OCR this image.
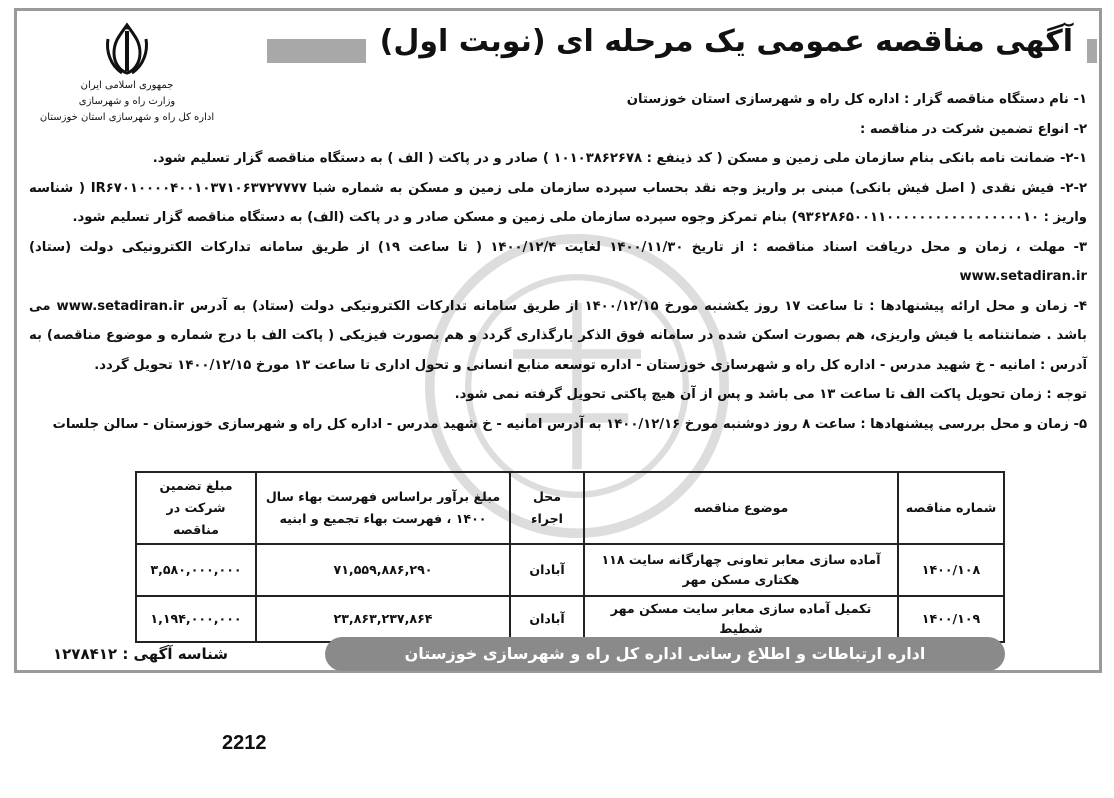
جمهوری اسلامی ایران
وزارت راه و شهرسازی
اداره کل راه و شهرسازی استان خوزستان
آگهی مناقصه عمومی یک مرحله ای (نوبت اول)

۱- نام دستگاه مناقصه گزار : اداره کل راه و شهرسازی استان خوزستان

۲- انواع تضمین شرکت در مناقصه :

۲-۱- ضمانت نامه بانکی بنام سازمان ملی زمین و مسکن ( کد ذینفع : ۱۰۱۰۳۸۶۲۶۷۸ ) صادر و در پاکت ( الف ) به دستگاه مناقصه گزار تسلیم شود.

۲-۲- فیش نقدی ( اصل فیش بانکی) مبنی بر واریز وجه نقد بحساب سپرده سازمان ملی زمین و مسکن به شماره شبا IR۶۷۰۱۰۰۰۰۴۰۰۱۰۳۷۱۰۶۳۷۲۷۷۷۷ ( شناسه واریز : ۹۳۶۲۸۶۵۰۰۱۱۰۰۰۰۰۰۰۰۰۰۰۰۰۰۰۰۰۱۰) بنام تمرکز وجوه سپرده سازمان ملی زمین و مسکن صادر و در پاکت (الف) به دستگاه مناقصه گزار تسلیم شود.

۳- مهلت ، زمان و محل دریافت اسناد مناقصه : از تاریخ ۱۴۰۰/۱۱/۳۰ لغایت ۱۴۰۰/۱۲/۴ ( تا ساعت ۱۹) از طریق سامانه تدارکات الکترونیکی دولت (ستاد) www.setadiran.ir

۴- زمان و محل ارائه پیشنهادها : تا ساعت ۱۷ روز یکشنبه مورخ ۱۴۰۰/۱۲/۱۵ از طریق سامانه تدارکات الکترونیکی دولت (ستاد) به آدرس www.setadiran.ir می باشد . ضمانتنامه یا فیش واریزی، هم بصورت اسکن شده در سامانه فوق الذکر بارگذاری گردد و هم بصورت فیزیکی ( پاکت الف با درج شماره و موضوع مناقصه) به آدرس : امانیه - خ شهید مدرس - اداره کل راه و شهرسازی خوزستان - اداره توسعه منابع انسانی و تحول اداری تا ساعت ۱۳ مورخ ۱۴۰۰/۱۲/۱۵ تحویل گردد.

توجه : زمان تحویل پاکت الف تا ساعت ۱۳ می باشد و پس از آن هیچ پاکتی تحویل گرفته نمی شود.

۵- زمان و محل بررسی پیشنهادها : ساعت ۸ روز دوشنبه مورخ ۱۴۰۰/۱۲/۱۶ به آدرس امانیه - خ شهید مدرس - اداره کل راه و شهرسازی خوزستان - سالن جلسات

شماره مناقصه	موضوع مناقصه	محل اجراء	مبلغ برآور براساس فهرست بهاء سال ۱۴۰۰ ، فهرست بهاء تجمیع و ابنیه	مبلغ تضمین شرکت در مناقصه
۱۴۰۰/۱۰۸	آماده سازی معابر تعاونی چهارگانه سایت ۱۱۸ هکتاری مسکن مهر	آبادان	۷۱,۵۵۹,۸۸۶,۲۹۰	۳,۵۸۰,۰۰۰,۰۰۰
۱۴۰۰/۱۰۹	تکمیل آماده سازی معابر سایت مسکن مهر شطیط	آبادان	۲۳,۸۶۳,۲۳۷,۸۶۴	۱,۱۹۴,۰۰۰,۰۰۰
شناسه آگهی : ۱۲۷۸۴۱۲	اداره ارتباطات و اطلاع رسانی اداره کل راه و شهرسازی خوزستان
2212
